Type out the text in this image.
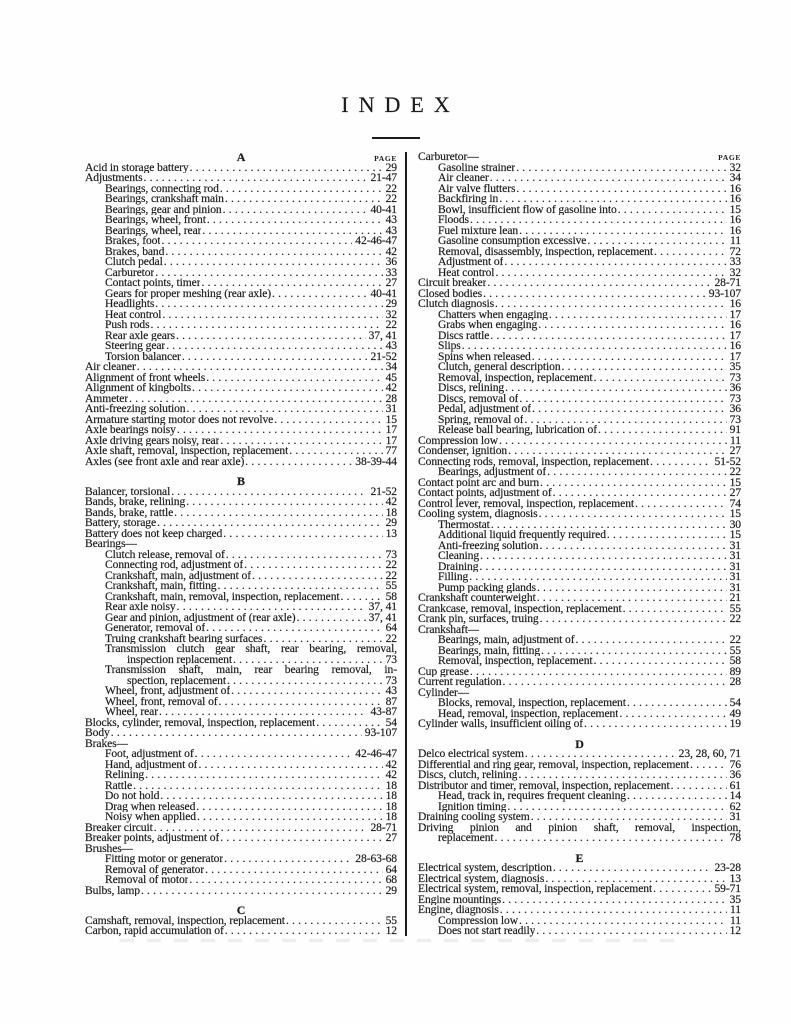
INDEX
A	PAGE
Acid in storage battery .....	29
Adjustments .....	21-47
Bearings, connecting rod .....	22
Bearings, crankshaft main .....	22
Bearings, gear and pinion .....	40-41
Bearings, wheel, front .....	43
Bearings, wheel, rear .....	43
Brakes, foot .....	42-46-47
Brakes, band .....	42
Clutch pedal .....	36
Carburetor .....	33
Contact points, timer .....	27
Gears for proper meshing (rear axle) .....	40-41
Headlights .....	29
Heat control .....	32
Push rods .....	22
Rear axle gears .....	37, 41
Steering gear .....	43
Torsion balancer .....	21-52
Air cleaner .....	34
Alignment of front wheels .....	45
Alignment of kingbolts .....	42
Ammeter .....	28
Anti-freezing solution .....	31
Armature starting motor does not revolve .....	15
Axle bearings noisy .....	17
Axle driving gears noisy, rear .....	17
Axle shaft, removal, inspection, replacement .....	77
Axles (see front axle and rear axle) .....	38-39-44
B
Balancer, torsional .....	21-52
Bands, brake, relining .....	42
Bands, brake, rattle .....	18
Battery, storage .....	29
Battery does not keep charged .....	13
Bearings—
Clutch release, removal of .....	73
Connecting rod, adjustment of .....	22
Crankshaft, main, adjustment of .....	22
Crankshaft, main, fitting .....	55
Crankshaft, main, removal, inspection, replacement .....	58
Rear axle noisy .....	37, 41
Gear and pinion, adjustment of (rear axle) .....	37, 41
Generator, removal of .....	64
Truing crankshaft bearing surfaces .....	22
Transmission clutch gear shaft, rear bearing, removal,
inspection replacement .....	73
Transmission shaft, main, rear bearing removal, in-
spection, replacement .....	73
Wheel, front, adjustment of .....	43
Wheel, front, removal of .....	87
Wheel, rear .....	43-87
Blocks, cylinder, removal, inspection, replacement .....	54
Body .....	93-107
Brakes—
Foot, adjustment of .....	42-46-47
Hand, adjustment of .....	42
Relining .....	42
Rattle .....	18
Do not hold .....	18
Drag when released .....	18
Noisy when applied .....	18
Breaker circuit .....	28-71
Breaker points, adjustment of .....	27
Brushes—
Fitting motor or generator .....	28-63-68
Removal of generator .....	64
Removal of motor .....	68
Bulbs, lamp .....	29
C
Camshaft, removal, inspection, replacement .....	55
Carbon, rapid accumulation of .....	12
Carburetor—	PAGE
Gasoline strainer .....	32
Air cleaner .....	34
Air valve flutters .....	16
Backfiring in .....	16
Bowl, insufficient flow of gasoline into .....	15
Floods .....	16
Fuel mixture lean .....	16
Gasoline consumption excessive .....	11
Removal, disassembly, inspection, replacement .....	72
Adjustment of .....	33
Heat control .....	32
Circuit breaker .....	28-71
Closed bodies .....	93-107
Clutch diagnosis .....	16
Chatters when engaging .....	17
Grabs when engaging .....	16
Discs rattle .....	17
Slips .....	16
Spins when released .....	17
Clutch, general description .....	35
Removal, inspection, replacement .....	73
Discs, relining .....	36
Discs, removal of .....	73
Pedal, adjustment of .....	36
Spring, removal of .....	73
Release ball bearing, lubrication of .....	91
Compression low .....	11
Condenser, ignition .....	27
Connecting rods, removal, inspection, replacement .....	51-52
Bearings, adjustment of .....	22
Contact point arc and burn .....	15
Contact points, adjustment of .....	27
Control lever, removal, inspection, replacement .....	74
Cooling system, diagnosis .....	15
Thermostat .....	30
Additional liquid frequently required .....	15
Anti-freezing solution .....	31
Cleaning .....	31
Draining .....	31
Filling .....	31
Pump packing glands .....	31
Crankshaft counterweight .....	21
Crankcase, removal, inspection, replacement .....	55
Crank pin, surfaces, truing .....	22
Crankshaft—
Bearings, main, adjustment of .....	22
Bearings, main, fitting .....	55
Removal, inspection, replacement .....	58
Cup grease .....	89
Current regulation .....	28
Cylinder—
Blocks, removal, inspection, replacement .....	54
Head, removal, inspection, replacement .....	49
Cylinder walls, insufficient oiling of .....	19
D
Delco electrical system .....	23, 28, 60, 71
Differential and ring gear, removal, inspection, replacement .....	76
Discs, clutch, relining .....	36
Distributor and timer, removal, inspection, replacement .....	61
Head, track in, requires frequent cleaning .....	14
Ignition timing .....	62
Draining cooling system .....	31
Driving pinion and pinion shaft, removal, inspection,
replacement .....	78
E
Electrical system, description .....	23-28
Electrical system, diagnosis .....	13
Electrical system, removal, inspection, replacement .....	59-71
Engine mountings .....	35
Engine, diagnosis .....	11
Compression low .....	11
Does not start readily .....	12
